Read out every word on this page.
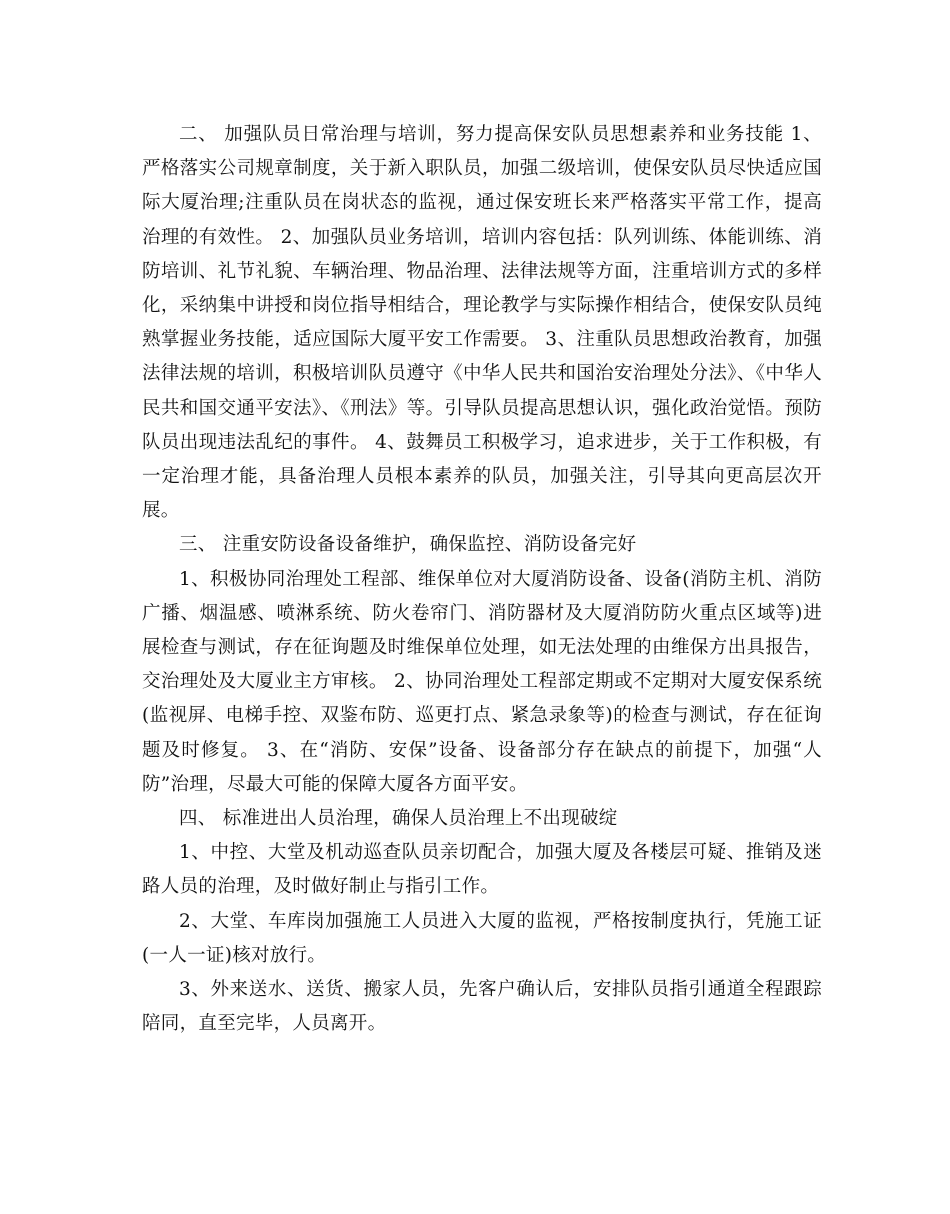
二、 加强队员日常治理与培训，努力提高保安队员思想素养和业务技能 1、严格落实公司规章制度，关于新入职队员，加强二级培训，使保安队员尽快适应国际大厦治理;注重队员在岗状态的监视，通过保安班长来严格落实平常工作，提高治理的有效性。 2、加强队员业务培训，培训内容包括：队列训练、体能训练、消防培训、礼节礼貌、车辆治理、物品治理、法律法规等方面，注重培训方式的多样化，采纳集中讲授和岗位指导相结合，理论教学与实际操作相结合，使保安队员纯熟掌握业务技能，适应国际大厦平安工作需要。 3、注重队员思想政治教育，加强法律法规的培训，积极培训队员遵守《中华人民共和国治安治理处分法》、《中华人民共和国交通平安法》、《刑法》等。引导队员提高思想认识，强化政治觉悟。预防队员出现违法乱纪的事件。 4、鼓舞员工积极学习，追求进步，关于工作积极，有一定治理才能，具备治理人员根本素养的队员，加强关注，引导其向更高层次开展。

三、 注重安防设备设备维护，确保监控、消防设备完好

1、积极协同治理处工程部、维保单位对大厦消防设备、设备(消防主机、消防广播、烟温感、喷淋系统、防火卷帘门、消防器材及大厦消防防火重点区域等)进展检查与测试，存在征询题及时维保单位处理，如无法处理的由维保方出具报告，交治理处及大厦业主方审核。 2、协同治理处工程部定期或不定期对大厦安保系统(监视屏、电梯手控、双鉴布防、巡更打点、紧急录象等)的检查与测试，存在征询题及时修复。 3、在“消防、安保”设备、设备部分存在缺点的前提下，加强“人防”治理，尽最大可能的保障大厦各方面平安。

四、 标准进出人员治理，确保人员治理上不出现破绽

1、中控、大堂及机动巡查队员亲切配合，加强大厦及各楼层可疑、推销及迷路人员的治理，及时做好制止与指引工作。

2、大堂、车库岗加强施工人员进入大厦的监视，严格按制度执行，凭施工证(一人一证)核对放行。

3、外来送水、送货、搬家人员，先客户确认后，安排队员指引通道全程跟踪陪同，直至完毕，人员离开。
